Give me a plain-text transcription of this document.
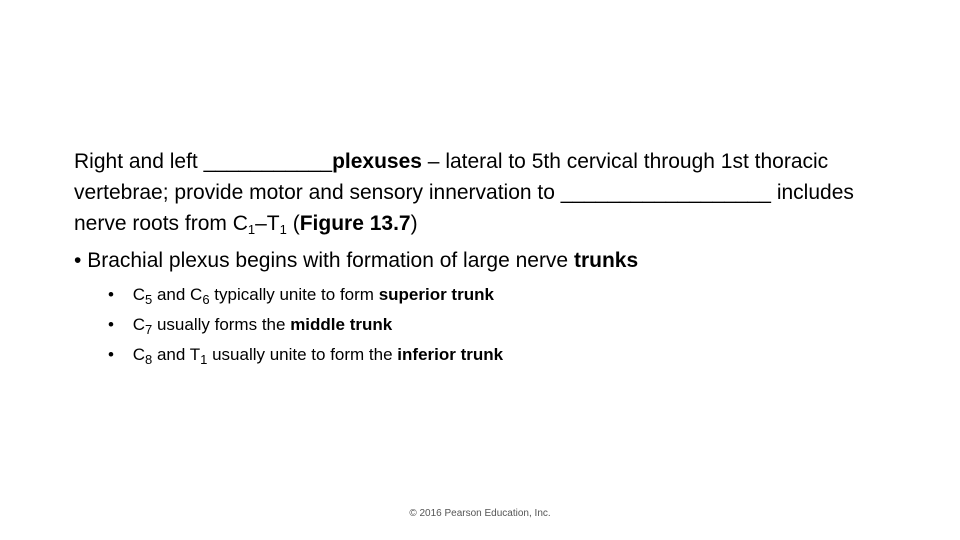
Right and left ___________plexuses – lateral to 5th cervical through 1st thoracic vertebrae; provide motor and sensory innervation to __________________ includes nerve roots from $C_1-T_1$ (Figure 13.7)

• Brachial plexus begins with formation of large nerve trunks

• $C_5$ and $C_6$ typically unite to form superior trunk
• $C_7$ usually forms the middle trunk
• $C_8$ and $T_1$ usually unite to form the inferior trunk
© 2016 Pearson Education, Inc.
